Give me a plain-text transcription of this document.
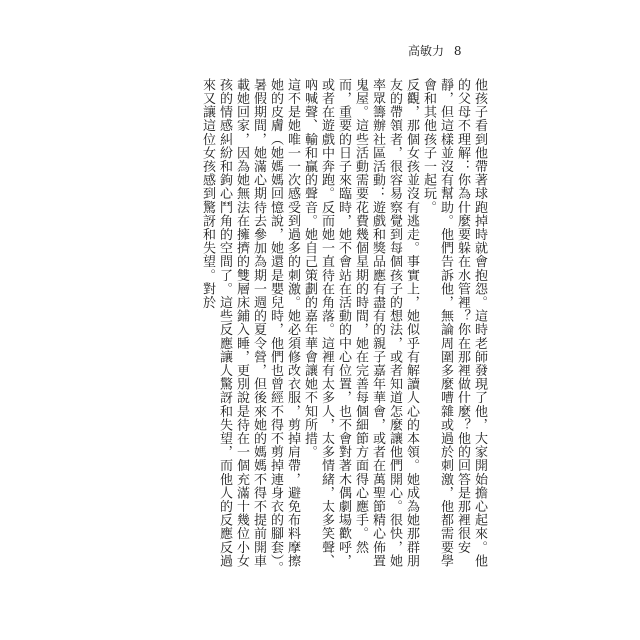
高敏力 8

他孩子看到他帶著球跑掉時就會抱怨。這時老師發現了他，大家開始擔心起來。他的父母不理解：你為什麼要躲在水管裡？你在那裡做什麼？他的回答是那裡很安靜，但這樣並沒有幫助。他們告訴他，無論周圍多麼嘈雜或過於刺激，他都需要學會和其他孩子一起玩。

反觀，那個女孩並沒有逃走。事實上，她似乎有解讀人心的本領。她成為她那群朋友的帶領者，很容易察覺到每個孩子的想法，或者知道怎麼讓他們開心。很快，她率眾籌辦社區活動：遊戲和獎品應有盡有的親子嘉年華會，或者在萬聖節精心佈置鬼屋。這些活動需要花費幾個星期的時間，她在完善每個細節方面得心應手。然而，重要的日子來臨時，她不會站在活動的中心位置，也不會對著木偶劇場歡呼，或者在遊戲中奔跑。反而她一直待在角落。這裡有太多人，太多情緒，太多笑聲、吶喊聲、輸和贏的聲音。她自己策劃的嘉年華會讓她不知所措。

這不是她唯一一次感受到過多的刺激。她必須修改衣服，剪掉肩帶，避免布料摩擦她的皮膚（她媽媽回憶說，她還是嬰兒時，他們也曾經不得不剪掉連身衣的腳套）。暑假期間，她滿心期待去參加為期一週的夏令營，但後來她的媽媽不得不提前開車載她回家，因為她無法在擁擠的雙層床鋪入睡，更別說是待在一個充滿十幾位小女孩的情感糾紛和鉤心鬥角的空間了。這些反應讓人驚訝和失望，而他人的反應反過來又讓這位女孩感到驚訝和失望。對於
